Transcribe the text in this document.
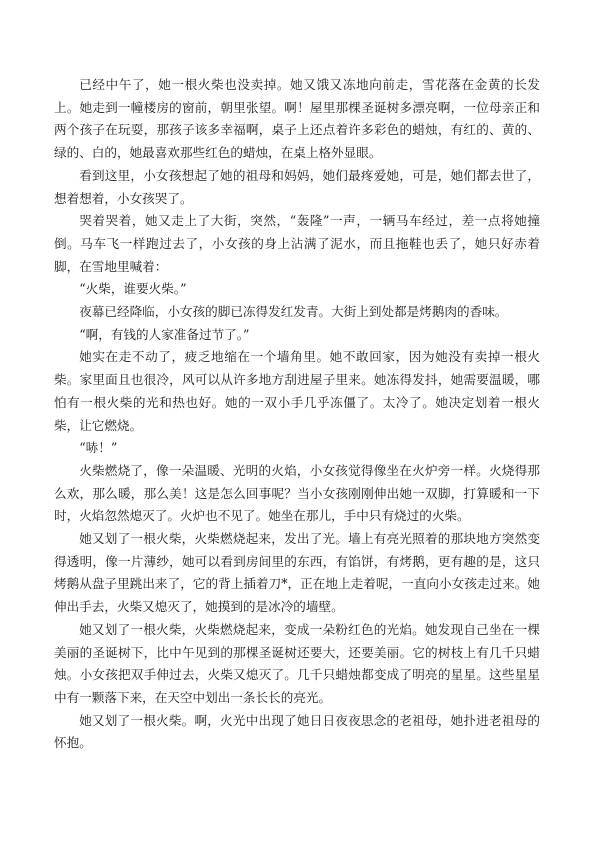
已经中午了，她一根火柴也没卖掉。她又饿又冻地向前走，雪花落在金黄的长发上。她走到一幢楼房的窗前，朝里张望。啊！屋里那棵圣诞树多漂亮啊，一位母亲正和两个孩子在玩耍，那孩子该多幸福啊，桌子上还点着许多彩色的蜡烛，有红的、黄的、绿的、白的，她最喜欢那些红色的蜡烛，在桌上格外显眼。

看到这里，小女孩想起了她的祖母和妈妈，她们最疼爱她，可是，她们都去世了，想着想着，小女孩哭了。

哭着哭着，她又走上了大街，突然，“轰隆”一声，一辆马车经过，差一点将她撞倒。马车飞一样跑过去了，小女孩的身上沾满了泥水，而且拖鞋也丢了，她只好赤着脚，在雪地里喊着：

“火柴，谁要火柴。”

夜幕已经降临，小女孩的脚已冻得发红发青。大街上到处都是烤鹅肉的香味。

“啊，有钱的人家准备过节了。”

她实在走不动了，疲乏地缩在一个墙角里。她不敢回家，因为她没有卖掉一根火柴。家里面且也很冷，风可以从许多地方刮进屋子里来。她冻得发抖，她需要温暖，哪怕有一根火柴的光和热也好。她的一双小手几乎冻僵了。太冷了。她决定划着一根火柴，让它燃烧。

“哧！”

火柴燃烧了，像一朵温暖、光明的火焰，小女孩觉得像坐在火炉旁一样。火烧得那么欢，那么暖，那么美！这是怎么回事呢？当小女孩刚刚伸出她一双脚，打算暖和一下时，火焰忽然熄灭了。火炉也不见了。她坐在那儿，手中只有烧过的火柴。

她又划了一根火柴，火柴燃烧起来，发出了光。墙上有亮光照着的那块地方突然变得透明，像一片薄纱，她可以看到房间里的东西，有馅饼，有烤鹅，更有趣的是，这只烤鹅从盘子里跳出来了，它的背上插着刀*，正在地上走着呢，一直向小女孩走过来。她伸出手去，火柴又熄灭了，她摸到的是冰冷的墙壁。

她又划了一根火柴，火柴燃烧起来，变成一朵粉红色的光焰。她发现自己坐在一棵美丽的圣诞树下，比中午见到的那棵圣诞树还要大，还要美丽。它的树枝上有几千只蜡烛。小女孩把双手伸过去，火柴又熄灭了。几千只蜡烛都变成了明亮的星星。这些星星中有一颗落下来，在天空中划出一条长长的亮光。

她又划了一根火柴。啊，火光中出现了她日日夜夜思念的老祖母，她扑进老祖母的怀抱。
